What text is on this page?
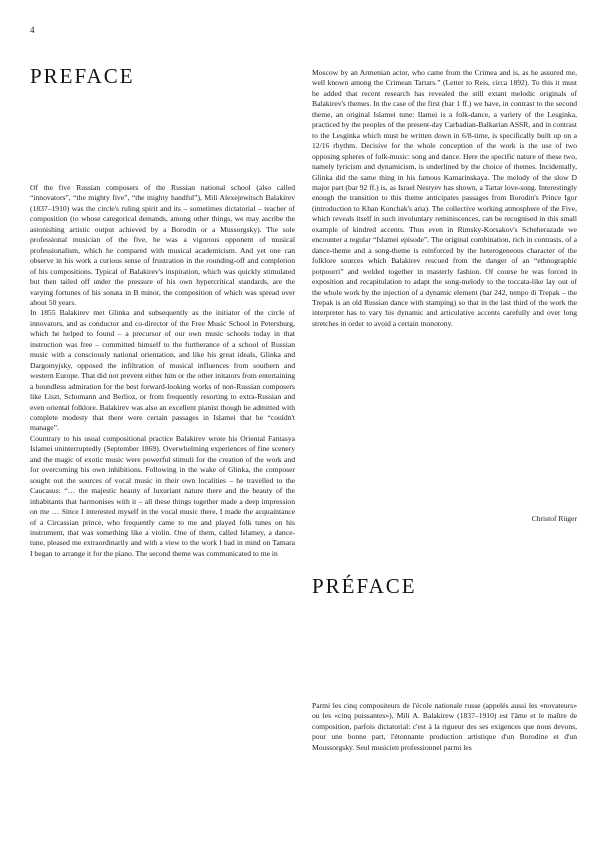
4
PREFACE

Of the five Russian composers of the Russian national school (also called “innovators”, “the mighty five”, “the mighty handful”), Mili Alexejewitsch Balakirev (1837–1910) was the circle's ruling spirit and its – sometimes dictatorial – teacher of composition (to whose categorical demands, among other things, we may ascribe the astonishing artistic output achieved by a Borodin or a Mussorgsky). The sole professional musician of the five, he was a vigorous opponent of musical professionalism, which he compared with musical academicism. And yet one can observe in his work a curious sense of frustration in the rounding-off and completion of his compositions. Typical of Balakirev's inspiration, which was quickly stimulated but then tailed off under the pressure of his own hypercritical standards, are the varying fortunes of his sonata in B minor, the composition of which was spread over about 50 years.

In 1855 Balakirev met Glinka and subsequently as the initiator of the circle of innovators, and as conductor and co-director of the Free Music School in Petersburg, which he helped to found – a precursor of our own music schools today in that instruction was free – committed himself to the furtherance of a school of Russian music with a consciously national orientation, and like his great ideals, Glinka and Dargomyjsky, opposed the infiltration of musical influences from southern and western Europe. That did not prevent either him or the other initators from entertaining a boundless admiration for the best forward-looking works of non-Russian composers like Liszt, Schumann and Berlioz, or from frequently resorting to extra-Russian and even oriental folklore. Balakirev was also an excellent pianist though he admitted with complete modesty that there were certain passages in Islamei that he “couldn't manage”.

Countrary to his usual compositional practice Balakirev wrote his Oriental Fantasya Islamei uninterruptedly (September 1869). Overwhelming experiences of fine scenery and the magic of exotic music were powerful stimuli for the creation of the work and for overcoming his own inhibitions. Following in the wake of Glinka, the composer sought out the sources of vocal music in their own localities – he travelled to the Caucasus: “… the majestic beauty of luxuriant nature there and the beauty of the inhabitants that harmonises with it – all these things together made a deep impression on me … Since I interested myself in the vocal music there, I made the acquaintance of a Circassian prince, who frequently came to me and played folk tunes on his instrument, that was something like a violin. One of them, called Islamey, a dance-tune, pleased me extraordinarily and with a view to the work I had in mind on Tamara I began to arrange it for the piano. The second theme was communicated to me in

Moscow by an Armenian actor, who came from the Crimea and is, as he assured me, well known among the Crimean Tartars.” (Letter to Reis, circa 1892). To this it must be added that recent research has revealed the still extant melodic originals of Balakirev's themes. In the case of the first (bar 1 ff.) we have, in contrast to the second theme, an original Islamei tune: Ilamei is a folk-dance, a variety of the Lesginka, practiced by the peoples of the present-day Carbadian-Balkarian ASSR, and in contrast to the Lesginka which must be written down in 6/8-time, is specifically built up on a 12/16 rhythm. Decisive for the whole conception of the work is the use of two opposing spheres of folk-music: song and dance. Here the specific nature of these two, namely lyricism and dynamicism, is underlined by the choice of themes. Incidentally, Glinka did the same thing in his famous Kamarinskaya. The melody of the slow D major part (bar 92 ff.) is, as Israel Nestyev has shown, a Tartar love-song. Interestingly enough the transition to this theme anticipates passages from Borodin's Prince Igor (introduction to Khan Konchak's aria). The collective working atmosphere of the Five, which reveals itself in such involuntary reminiscences, can be recognised in this small example of kindred accents. Thus even in Rimsky-Korsakov's Scheherazade we encounter a regular “Islamei episode”. The original combination, rich in contrasts, of a dance-theme and a song-theme is reinforced by the heterogeneous character of the folklore sources which Balakirev rescued from the danger of an “ethnographic potpourri” and welded together in masterly fashion. Of course he was forced in exposition and recapitulation to adapt the song-melody to the toccata-like lay out of the whole work by the injection of a dynamic element (bar 242, tempo di Trepak – the Trepak is an old Russian dance with stamping) so that in the last third of the work the interpreter has to vary his dynamic and articulative accents carefully and over long stretches in order to avoid a certain monotony.

Christof Rüger
PRÉFACE

Parmi les cinq compositeurs de l'école nationale russe (appelés aussi les «novateurs» ou les «cinq puissantes»), Mili A. Balakirew (1837–1910) est l'âme et le maître de composition, parfois dictatorial: c'est à la rigueur des ses exigences que nous devons, pour une bonne part, l'étonnante production artistique d'un Borodine et d'un Moussorgsky. Seul musicien professionnel parmi les
